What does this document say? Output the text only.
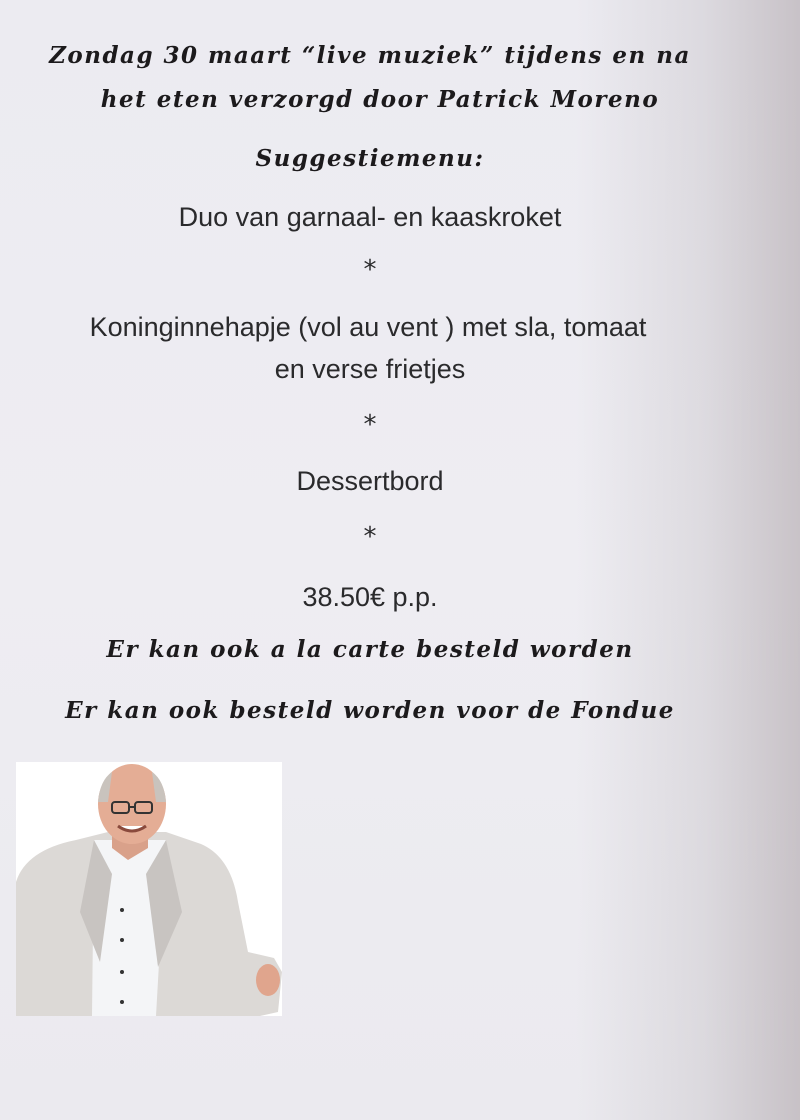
Zondag 30 maart “live muziek” tijdens en na
het eten verzorgd door Patrick Moreno
Suggestiemenu:
Duo van garnaal- en kaaskroket
*
Koninginnehapje (vol au vent ) met sla, tomaat
en verse frietjes
*
Dessertbord
*
38.50€ p.p.
Er kan ook a la carte besteld worden
Er kan ook besteld worden voor de Fondue
